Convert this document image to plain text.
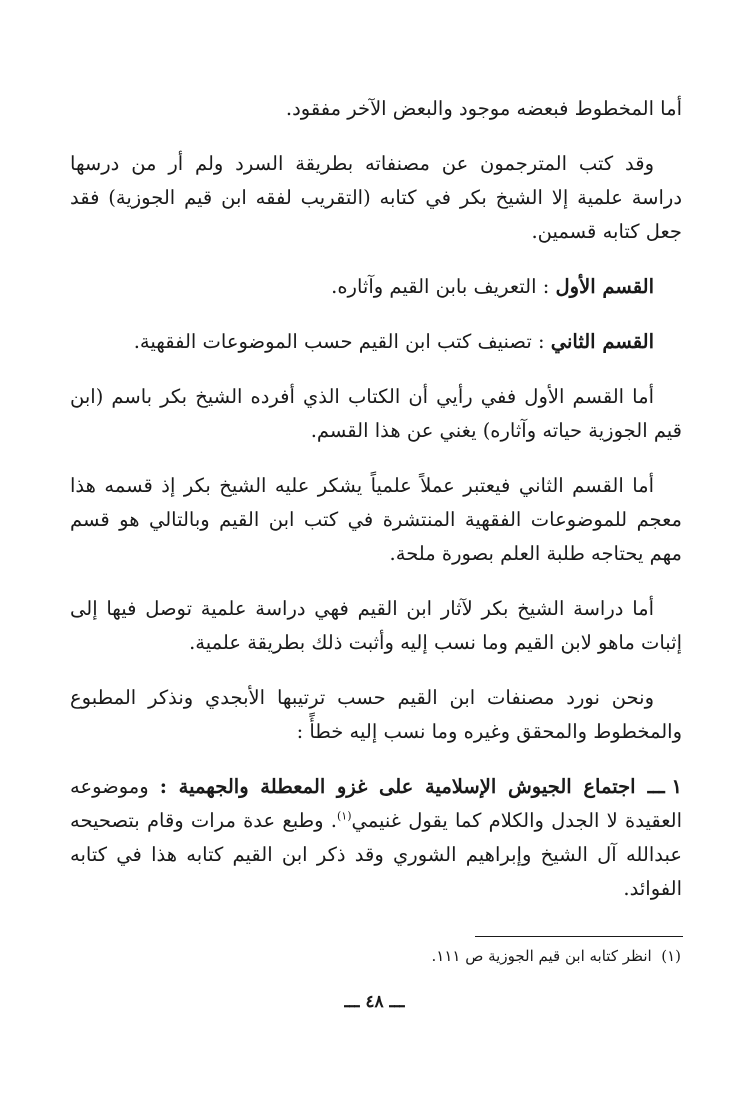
أما المخطوط فبعضه موجود والبعض الآخر مفقود.

وقد كتب المترجمون عن مصنفاته بطريقة السرد ولم أر من درسها دراسة علمية إلا الشيخ بكر في كتابه (التقريب لفقه ابن قيم الجوزية) فقد جعل كتابه قسمين.

القسم الأول : التعريف بابن القيم وآثاره.

القسم الثاني : تصنيف كتب ابن القيم حسب الموضوعات الفقهية.

أما القسم الأول ففي رأيي أن الكتاب الذي أفرده الشيخ بكر باسم (ابن قيم الجوزية حياته وآثاره) يغني عن هذا القسم.

أما القسم الثاني فيعتبر عملاً علمياً يشكر عليه الشيخ بكر إذ قسمه هذا معجم للموضوعات الفقهية المنتشرة في كتب ابن القيم وبالتالي هو قسم مهم يحتاجه طلبة العلم بصورة ملحة.

أما دراسة الشيخ بكر لآثار ابن القيم فهي دراسة علمية توصل فيها إلى إثبات ماهو لابن القيم وما نسب إليه وأثبت ذلك بطريقة علمية.

ونحن نورد مصنفات ابن القيم حسب ترتيبها الأبجدي ونذكر المطبوع والمخطوط والمحقق وغيره وما نسب إليه خطأً :

١ ـــاجتماع الجيوش الإسلامية على غزو المعطلة والجهمية : وموضوعه العقيدة لا الجدل والكلام كما يقول غنيمي$^{(١)}$. وطبع عدة مرات وقام بتصحيحه عبدالله آل الشيخ وإبراهيم الشوري وقد ذكر ابن القيم كتابه هذا في كتابه الفوائد.
(١)  انظر كتابه ابن قيم الجوزية ص ١١١.
ـــ ٤٨ ـــ
